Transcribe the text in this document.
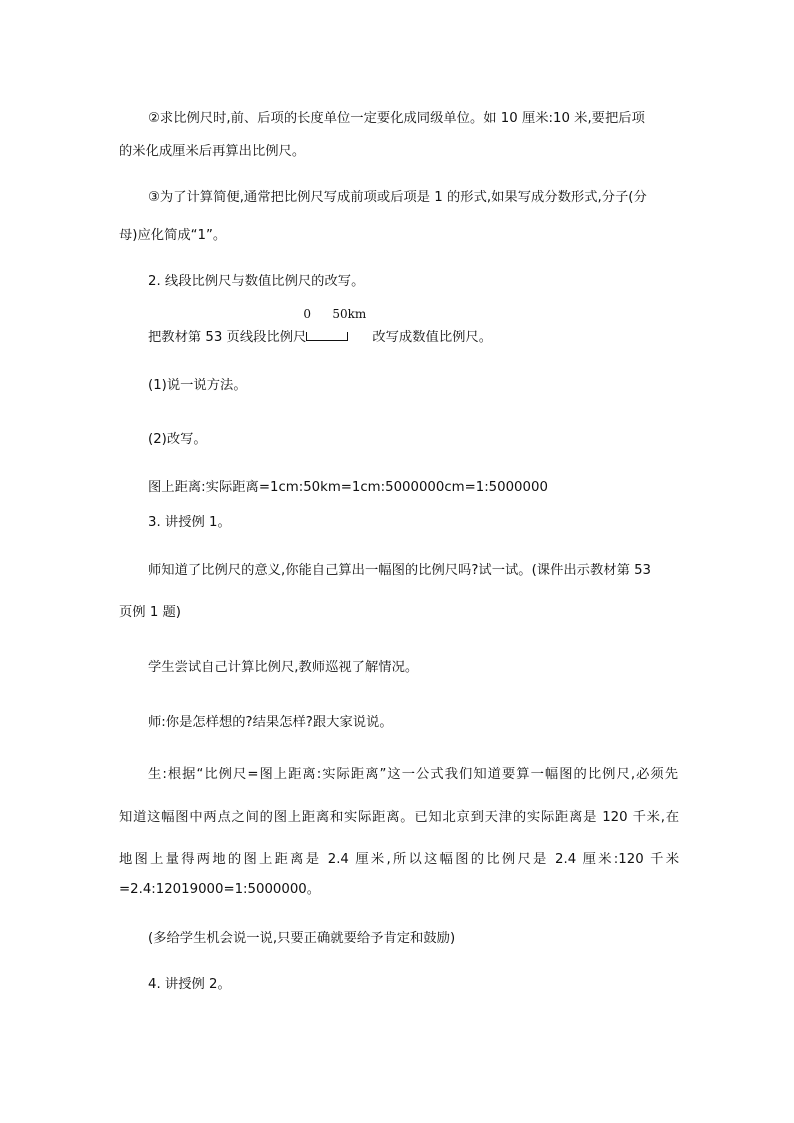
②求比例尺时,前、后项的长度单位一定要化成同级单位。如 10 厘米:10 米,要把后项
的米化成厘米后再算出比例尺。
③为了计算简便,通常把比例尺写成前项或后项是 1 的形式,如果写成分数形式,分子(分
母)应化简成“1”。
2. 线段比例尺与数值比例尺的改写。
把教材第 53 页线段比例尺
0 50km
改写成数值比例尺。
(1)说一说方法。
(2)改写。
图上距离:实际距离=1cm:50km=1cm:5000000cm=1:5000000
3. 讲授例 1。
师知道了比例尺的意义,你能自己算出一幅图的比例尺吗?试一试。(课件出示教材第 53
页例 1 题)
学生尝试自己计算比例尺,教师巡视了解情况。
师:你是怎样想的?结果怎样?跟大家说说。
生:根据“比例尺=图上距离:实际距离”这一公式我们知道要算一幅图的比例尺,必须先
知道这幅图中两点之间的图上距离和实际距离。已知北京到天津的实际距离是 120 千米,在
地图上量得两地的图上距离是 2.4 厘米,所以这幅图的比例尺是 2.4 厘米:120 千米
=2.4:12019000=1:5000000。
(多给学生机会说一说,只要正确就要给予肯定和鼓励)
4. 讲授例 2。
